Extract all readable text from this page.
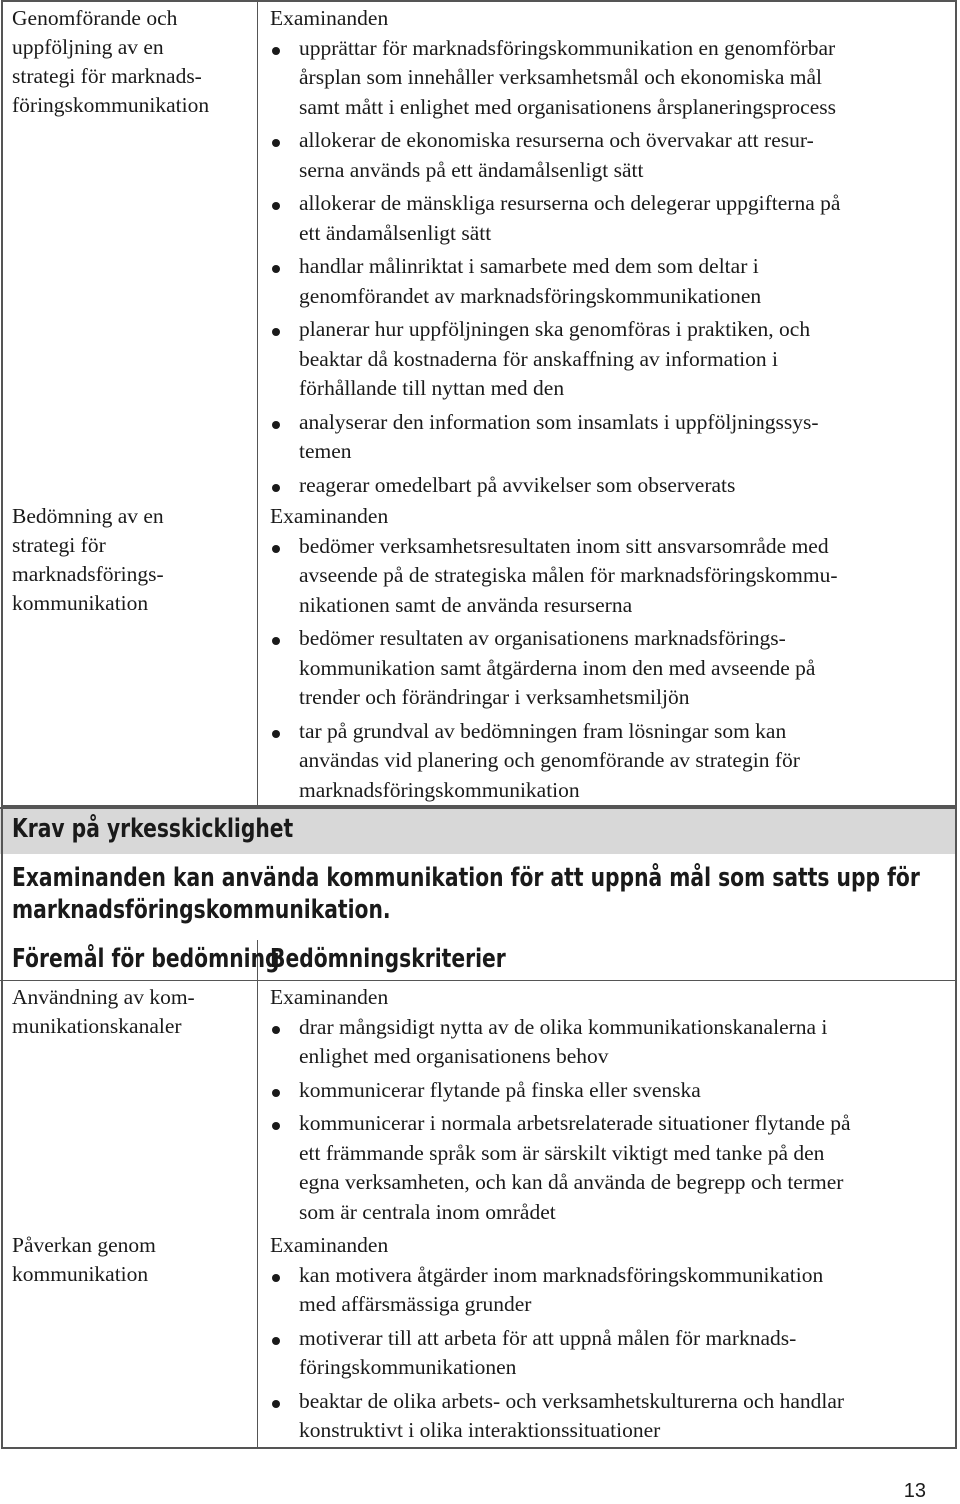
Genomförande och
uppföljning av en
strategi för marknads-
föringskommunikation

Examinanden

upprättar för marknadsföringskommunikation en genomförbar
årsplan som innehåller verksamhetsmål och ekonomiska mål
samt mått i enlighet med organisationens årsplaneringsprocess
allokerar de ekonomiska resurserna och övervakar att resur-
serna används på ett ändamålsenligt sätt
allokerar de mänskliga resurserna och delegerar uppgifterna på
ett ändamålsenligt sätt
handlar målinriktat i samarbete med dem som deltar i
genomförandet av marknadsföringskommunikationen
planerar hur uppföljningen ska genomföras i praktiken, och
beaktar då kostnaderna för anskaffning av information i
förhållande till nyttan med den
analyserar den information som insamlats i uppföljningssys-
temen
reagerar omedelbart på avvikelser som observerats
Bedömning av en
strategi för
marknadsförings-
kommunikation

Examinanden

bedömer verksamhetsresultaten inom sitt ansvarsområde med
avseende på de strategiska målen för marknadsföringskommu-
nikationen samt de använda resurserna
bedömer resultaten av organisationens marknadsförings-
kommunikation samt åtgärderna inom den med avseende på
trender och förändringar i verksamhetsmiljön
tar på grundval av bedömningen fram lösningar som kan
användas vid planering och genomförande av strategin för
marknadsföringskommunikation
Krav på yrkesskicklighet
Examinanden kan använda kommunikation för att uppnå mål som satts upp för
marknadsföringskommunikation.
Föremål för bedömning
Bedömningskriterier
Användning av kom-
munikationskanaler

Examinanden

drar mångsidigt nytta av de olika kommunikationskanalerna i
enlighet med organisationens behov
kommunicerar flytande på finska eller svenska
kommunicerar i normala arbetsrelaterade situationer flytande på
ett främmande språk som är särskilt viktigt med tanke på den
egna verksamheten, och kan då använda de begrepp och termer
som är centrala inom området
Påverkan genom
kommunikation

Examinanden

kan motivera åtgärder inom marknadsföringskommunikation
med affärsmässiga grunder
motiverar till att arbeta för att uppnå målen för marknads-
föringskommunikationen
beaktar de olika arbets- och verksamhetskulturerna och handlar
konstruktivt i olika interaktionssituationer
13
